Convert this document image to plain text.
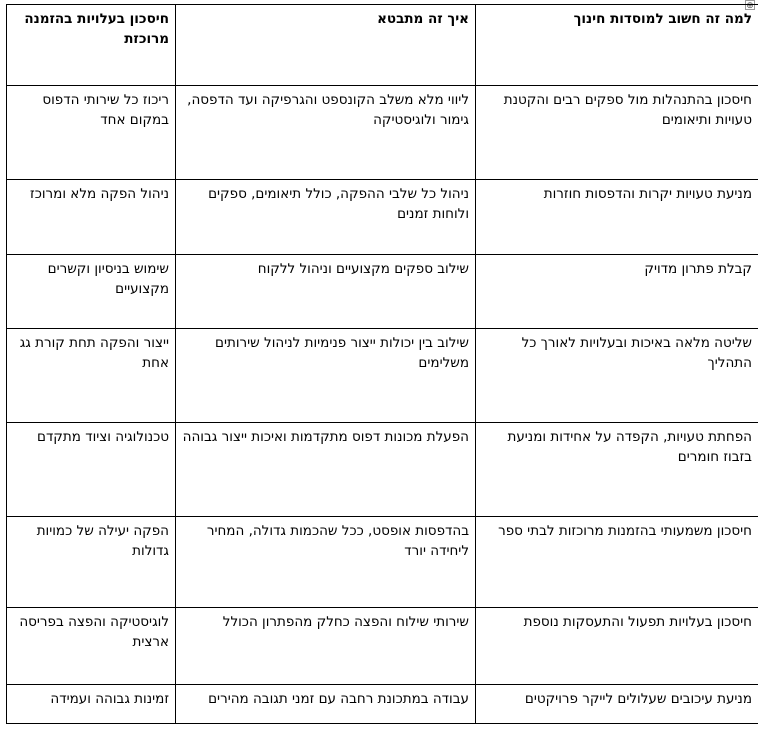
⊕
למה זה חשוב למוסדות חינוך	איך זה מתבטא	חיסכון בעלויות בהזמנה מרוכזת
חיסכון בהתנהלות מול ספקים רבים והקטנת טעויות ותיאומים	ליווי מלא משלב הקונספט והגרפיקה ועד הדפסה, גימור ולוגיסטיקה	ריכוז כל שירותי הדפוס במקום אחד
מניעת טעויות יקרות והדפסות חוזרות	ניהול כל שלבי ההפקה, כולל תיאומים, ספקים ולוחות זמנים	ניהול הפקה מלא ומרוכז
קבלת פתרון מדויק	שילוב ספקים מקצועיים וניהול ללקוח	שימוש בניסיון וקשרים מקצועיים
שליטה מלאה באיכות ובעלויות לאורך כל התהליך	שילוב בין יכולות ייצור פנימיות לניהול שירותים משלימים	ייצור והפקה תחת קורת גג אחת
הפחתת טעויות, הקפדה על אחידות ומניעת בזבוז חומרים	הפעלת מכונות דפוס מתקדמות ואיכות ייצור גבוהה	טכנולוגיה וציוד מתקדם
חיסכון משמעותי בהזמנות מרוכזות לבתי ספר	בהדפסות אופסט, ככל שהכמות גדולה, המחיר ליחידה יורד	הפקה יעילה של כמויות גדולות
חיסכון בעלויות תפעול והתעסקות נוספת	שירותי שילוח והפצה כחלק מהפתרון הכולל	לוגיסטיקה והפצה בפריסה ארצית
מניעת עיכובים שעלולים לייקר פרויקטים	עבודה במתכונת רחבה עם זמני תגובה מהירים	זמינות גבוהה ועמידה
